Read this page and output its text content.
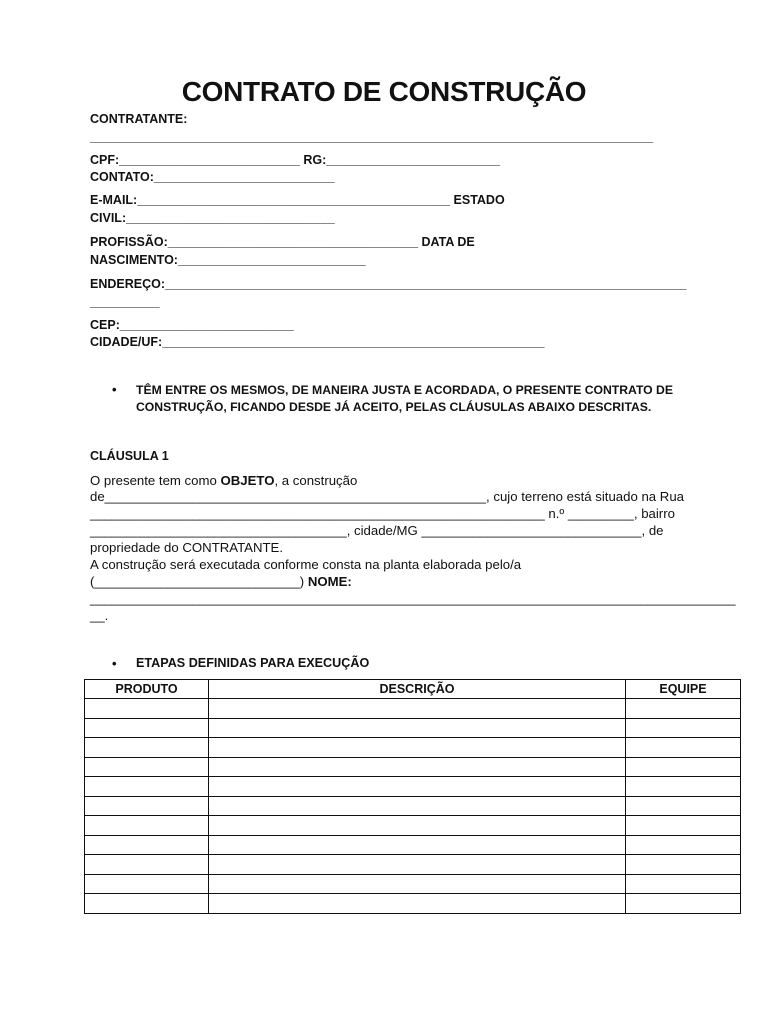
CONTRATO DE CONSTRUÇÃO
CONTRATANTE:
_________________________________________________________________________________
CPF:__________________________ RG:_________________________
CONTATO:__________________________
E-MAIL:_____________________________________________ ESTADO
CIVIL:______________________________
PROFISSÃO:____________________________________ DATA DE
NASCIMENTO:___________________________
ENDEREÇO:___________________________________________________________________________
__________
CEP:_________________________
CIDADE/UF:_______________________________________________________
• TÊM ENTRE OS MESMOS, DE MANEIRA JUSTA E ACORDADA, O PRESENTE CONTRATO DE
CONSTRUÇÃO, FICANDO DESDE JÁ ACEITO, PELAS CLÁUSULAS ABAIXO DESCRITAS.
CLÁUSULA 1
O presente tem como OBJETO, a construção
de____________________________________________________, cujo terreno está situado na Rua
______________________________________________________________ n.º _________, bairro
___________________________________, cidade/MG ______________________________, de
propriedade do CONTRATANTE.
A construção será executada conforme consta na planta elaborada pelo/a
(____________________________) NOME:
________________________________________________________________________________________
__.
• ETAPAS DEFINIDAS PARA EXECUÇÃO
PRODUTO	DESCRIÇÃO	EQUIPE
